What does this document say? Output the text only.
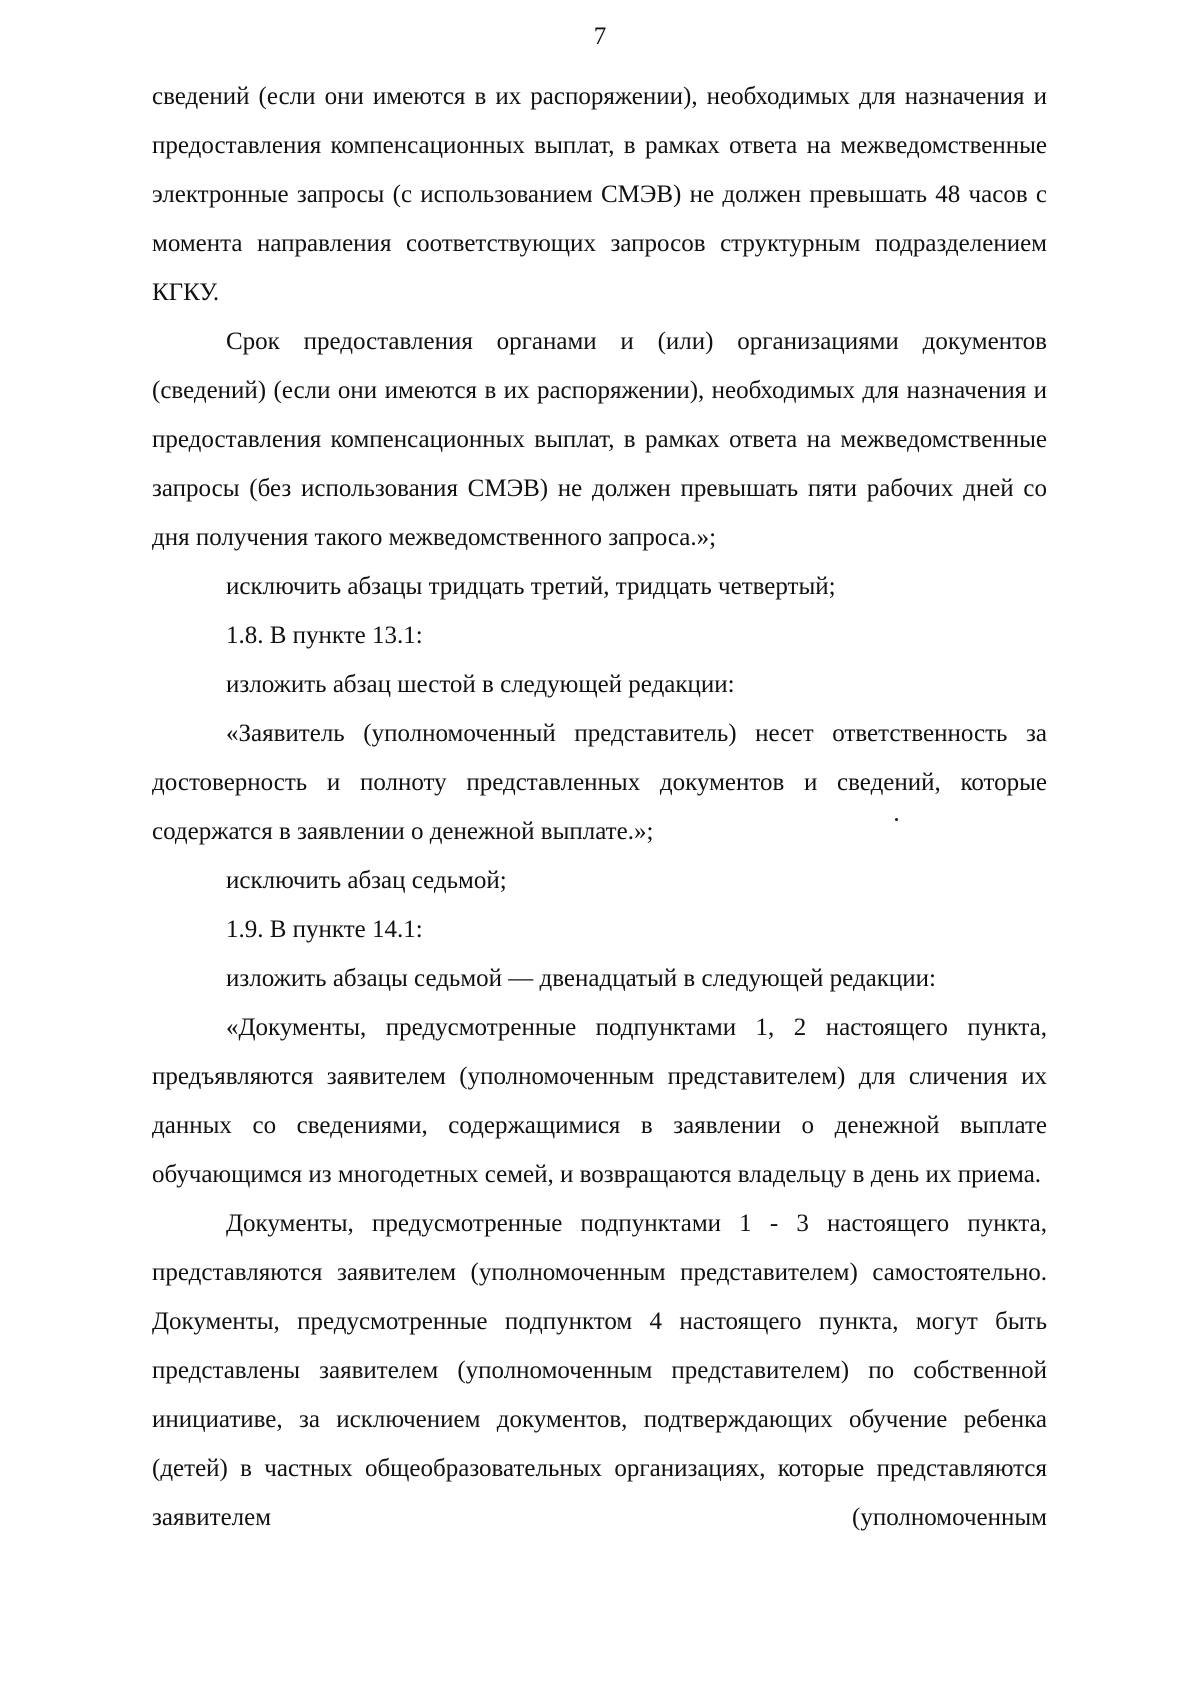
7

сведений (если они имеются в их распоряжении), необходимых для назначения и предоставления компенсационных выплат, в рамках ответа на межведомственные электронные запросы (с использованием СМЭВ) не должен превышать 48 часов с момента направления соответствующих запросов структурным подразделением КГКУ.

Срок предоставления органами и (или) организациями документов (сведений) (если они имеются в их распоряжении), необходимых для назначения и предоставления компенсационных выплат, в рамках ответа на межведомственные запросы (без использования СМЭВ) не должен превышать пяти рабочих дней со дня получения такого межведомственного запроса.»;

исключить абзацы тридцать третий, тридцать четвертый;

1.8. В пункте 13.1:

изложить абзац шестой в следующей редакции:

«Заявитель (уполномоченный представитель) несет ответственность за достоверность и полноту представленных документов и сведений, которые содержатся в заявлении о денежной выплате.»;

исключить абзац седьмой;

1.9. В пункте 14.1:

изложить абзацы седьмой — двенадцатый в следующей редакции:

«Документы, предусмотренные подпунктами 1, 2 настоящего пункта, предъявляются заявителем (уполномоченным представителем) для сличения их данных со сведениями, содержащимися в заявлении о денежной выплате обучающимся из многодетных семей, и возвращаются владельцу в день их приема.

Документы, предусмотренные подпунктами 1 - 3 настоящего пункта, представляются заявителем (уполномоченным представителем) самостоятельно. Документы, предусмотренные подпунктом 4 настоящего пункта, могут быть представлены заявителем (уполномоченным представителем) по собственной инициативе, за исключением документов, подтверждающих обучение ребенка (детей) в частных общеобразовательных организациях, которые представляются заявителем (уполномоченным
